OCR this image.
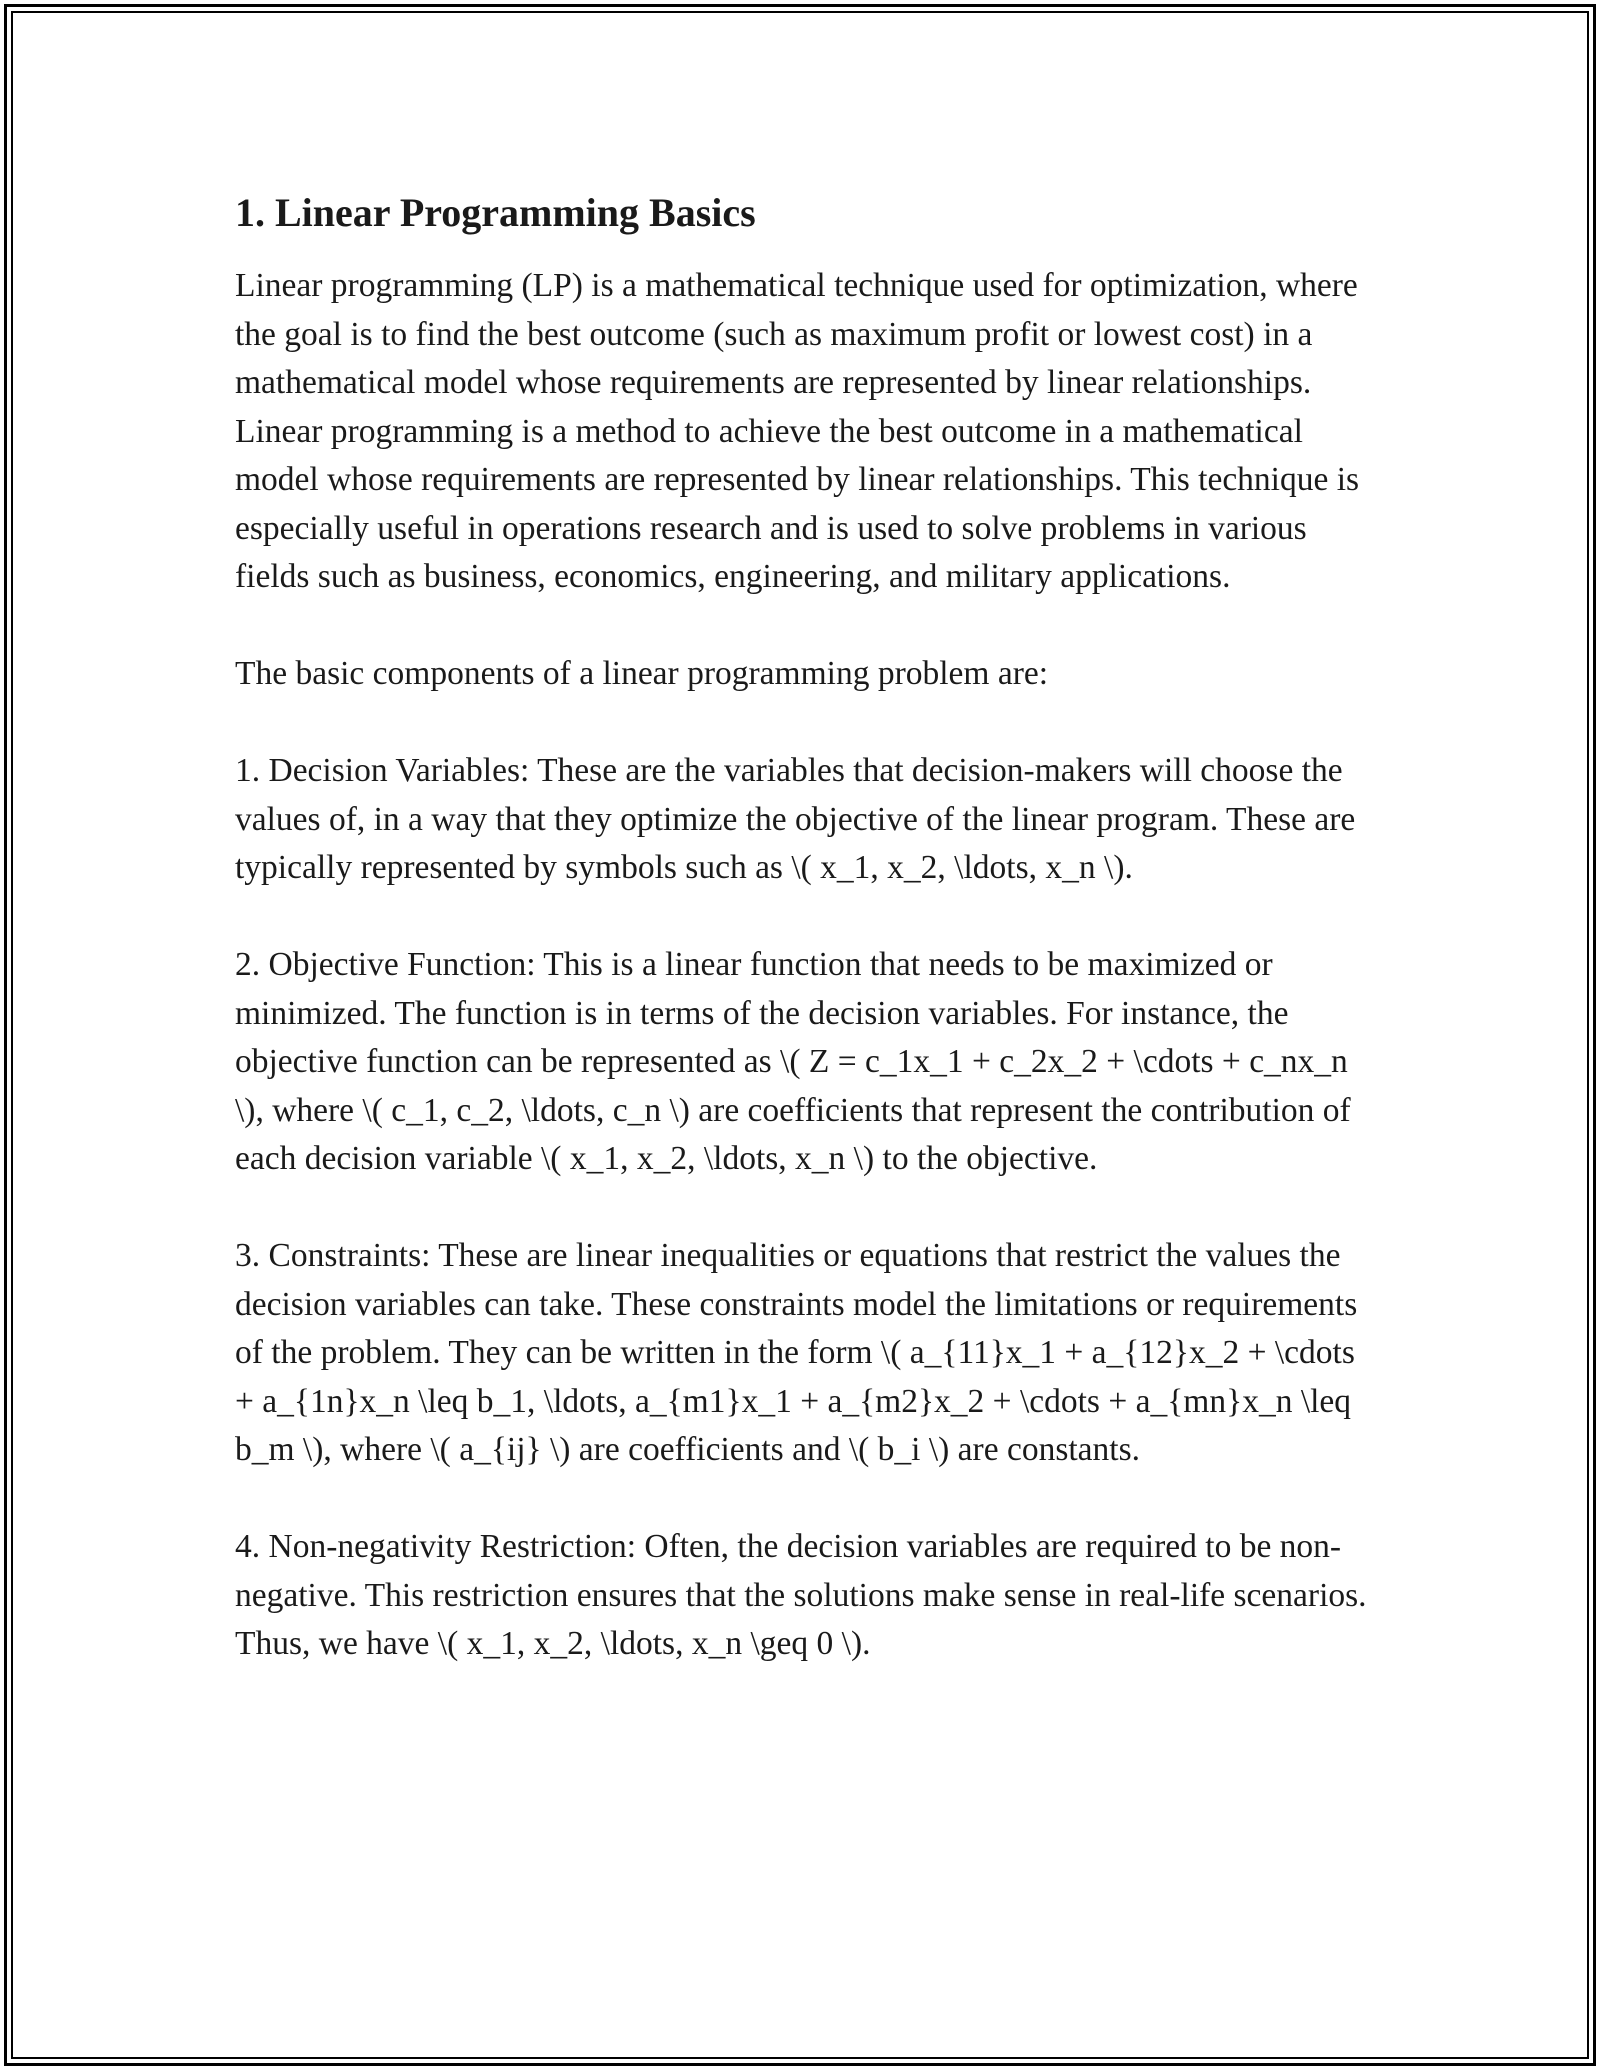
1. Linear Programming Basics

Linear programming (LP) is a mathematical technique used for optimization, where the goal is to find the best outcome (such as maximum profit or lowest cost) in a mathematical model whose requirements are represented by linear relationships. Linear programming is a method to achieve the best outcome in a mathematical model whose requirements are represented by linear relationships. This technique is especially useful in operations research and is used to solve problems in various fields such as business, economics, engineering, and military applications.

The basic components of a linear programming problem are:

1. Decision Variables: These are the variables that decision-makers will choose the values of, in a way that they optimize the objective of the linear program. These are typically represented by symbols such as \( x_1, x_2, \ldots, x_n \).

2. Objective Function: This is a linear function that needs to be maximized or minimized. The function is in terms of the decision variables. For instance, the objective function can be represented as \( Z = c_1x_1 + c_2x_2 + \cdots + c_nx_n \), where \( c_1, c_2, \ldots, c_n \) are coefficients that represent the contribution of each decision variable \( x_1, x_2, \ldots, x_n \) to the objective.

3. Constraints: These are linear inequalities or equations that restrict the values the decision variables can take. These constraints model the limitations or requirements of the problem. They can be written in the form \( a_{11}x_1 + a_{12}x_2 + \cdots + a_{1n}x_n \leq b_1, \ldots, a_{m1}x_1 + a_{m2}x_2 + \cdots + a_{mn}x_n \leq b_m \), where \( a_{ij} \) are coefficients and \( b_i \) are constants.

4. Non-negativity Restriction: Often, the decision variables are required to be non-negative. This restriction ensures that the solutions make sense in real-life scenarios. Thus, we have \( x_1, x_2, \ldots, x_n \geq 0 \).
